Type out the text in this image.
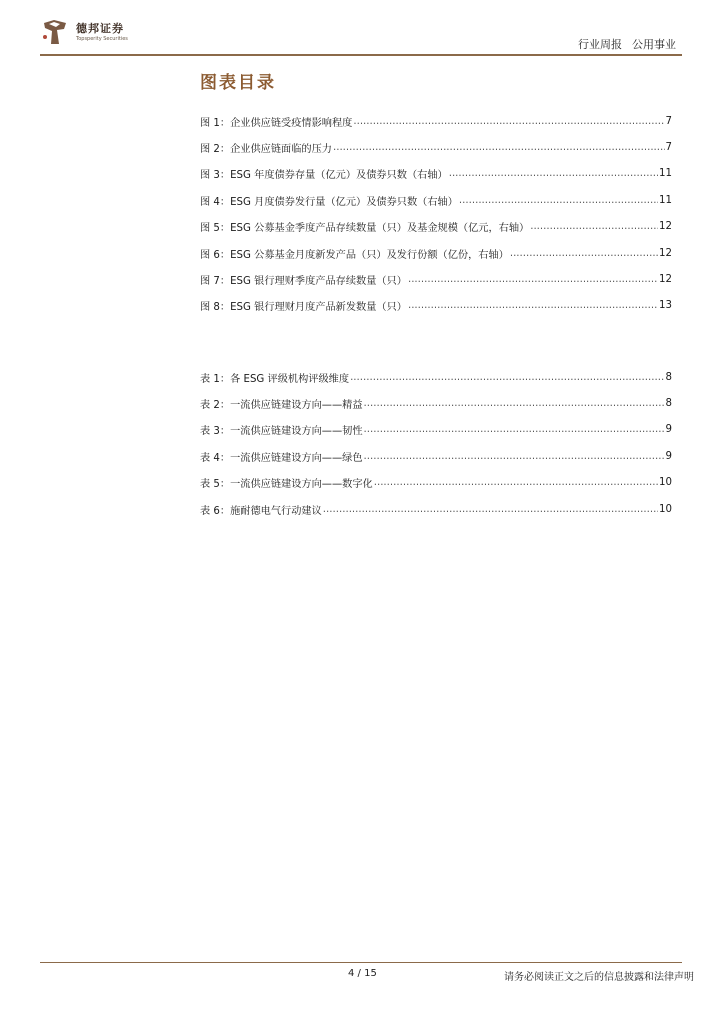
德邦证券
Topsperity Securities	行业周报 公用事业
图表目录
图 1：企业供应链受疫情影响程度 .....	7
图 2：企业供应链面临的压力 .....	7
图 3：ESG 年度债券存量（亿元）及债券只数（右轴） .....	11
图 4：ESG 月度债券发行量（亿元）及债券只数（右轴） .....	11
图 5：ESG 公募基金季度产品存续数量（只）及基金规模（亿元，右轴） .....	12
图 6：ESG 公募基金月度新发产品（只）及发行份额（亿份，右轴） .....	12
图 7：ESG 银行理财季度产品存续数量（只） .....	12
图 8：ESG 银行理财月度产品新发数量（只） .....	13
表 1：各 ESG 评级机构评级维度 .....	8
表 2：一流供应链建设方向——精益 .....	8
表 3：一流供应链建设方向——韧性 .....	9
表 4：一流供应链建设方向——绿色 .....	9
表 5：一流供应链建设方向——数字化 .....	10
表 6：施耐德电气行动建议 .....	10
4 / 15	请务必阅读正文之后的信息披露和法律声明
